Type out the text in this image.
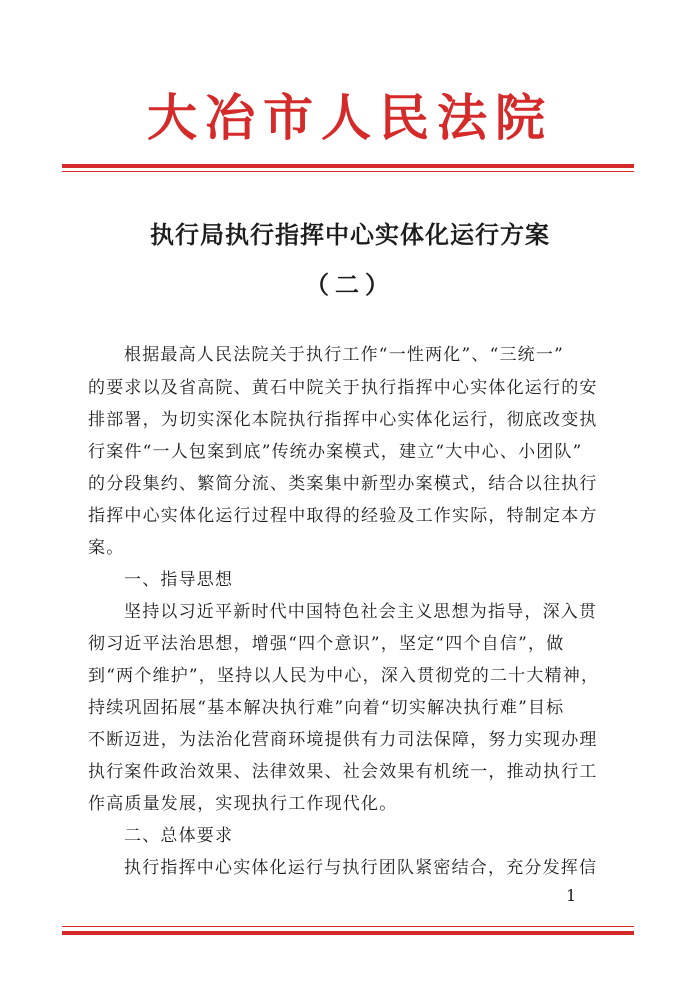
大冶市人民法院
执行局执行指挥中心实体化运行方案
（二）
根据最高人民法院关于执行工作“一性两化”、“三统一”
的要求以及省高院、黄石中院关于执行指挥中心实体化运行的安
排部署，为切实深化本院执行指挥中心实体化运行，彻底改变执
行案件“一人包案到底”传统办案模式，建立“大中心、小团队”
的分段集约、繁简分流、类案集中新型办案模式，结合以往执行
指挥中心实体化运行过程中取得的经验及工作实际，特制定本方
案。
一、指导思想
坚持以习近平新时代中国特色社会主义思想为指导，深入贯
彻习近平法治思想，增强“四个意识”，坚定“四个自信”，做
到“两个维护”，坚持以人民为中心，深入贯彻党的二十大精神，
持续巩固拓展“基本解决执行难”向着“切实解决执行难”目标
不断迈进，为法治化营商环境提供有力司法保障，努力实现办理
执行案件政治效果、法律效果、社会效果有机统一，推动执行工
作高质量发展，实现执行工作现代化。
二、总体要求
执行指挥中心实体化运行与执行团队紧密结合，充分发挥信
1
